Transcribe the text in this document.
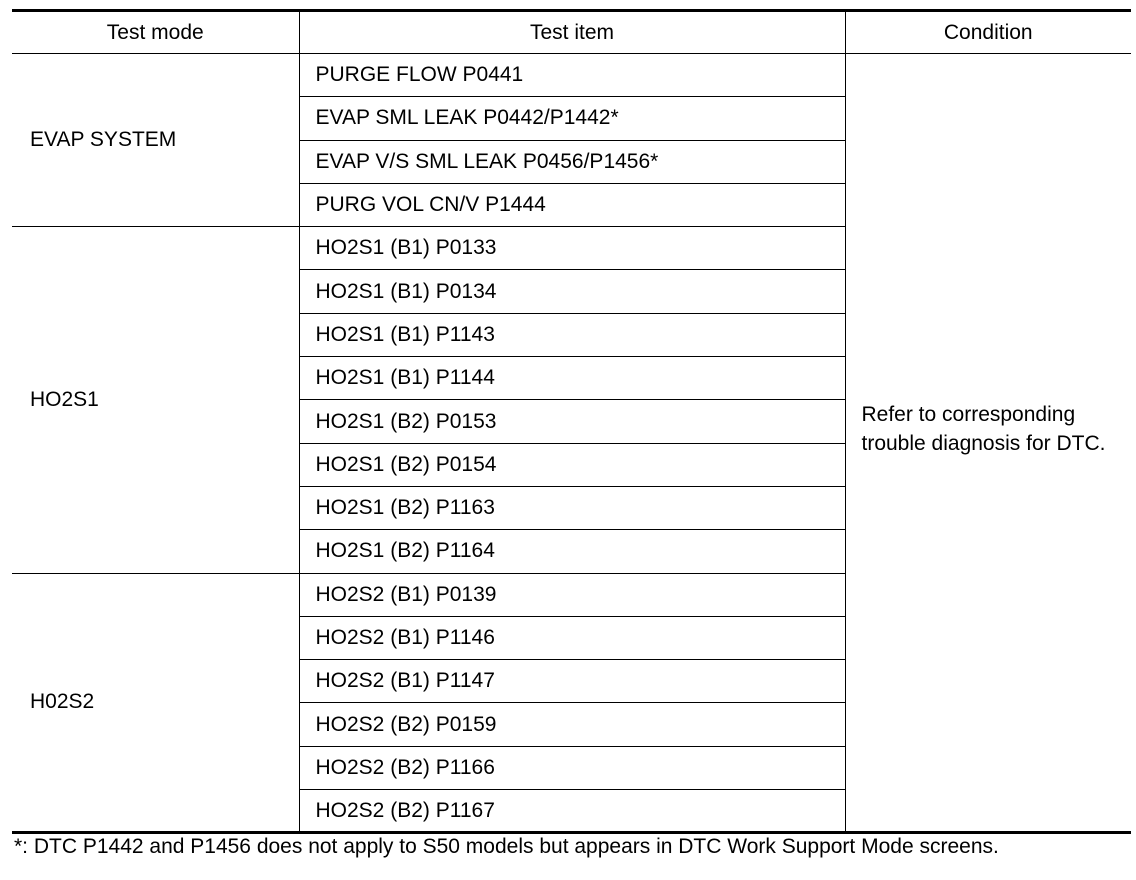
Test mode	Test item	Condition
EVAP SYSTEM	PURGE FLOW P0441	Refer to corresponding trouble diagnosis for DTC.
	EVAP SML LEAK P0442/P1442*	
	EVAP V/S SML LEAK P0456/P1456*	
	PURG VOL CN/V P1444	
HO2S1	HO2S1 (B1) P0133	
	HO2S1 (B1) P0134	
	HO2S1 (B1) P1143	
	HO2S1 (B1) P1144	
	HO2S1 (B2) P0153	
	HO2S1 (B2) P0154	
	HO2S1 (B2) P1163	
	HO2S1 (B2) P1164	
H02S2	HO2S2 (B1) P0139	
	HO2S2 (B1) P1146	
	HO2S2 (B1) P1147	
	HO2S2 (B2) P0159	
	HO2S2 (B2) P1166	
	HO2S2 (B2) P1167	
*: DTC P1442 and P1456 does not apply to S50 models but appears in DTC Work Support Mode screens.
